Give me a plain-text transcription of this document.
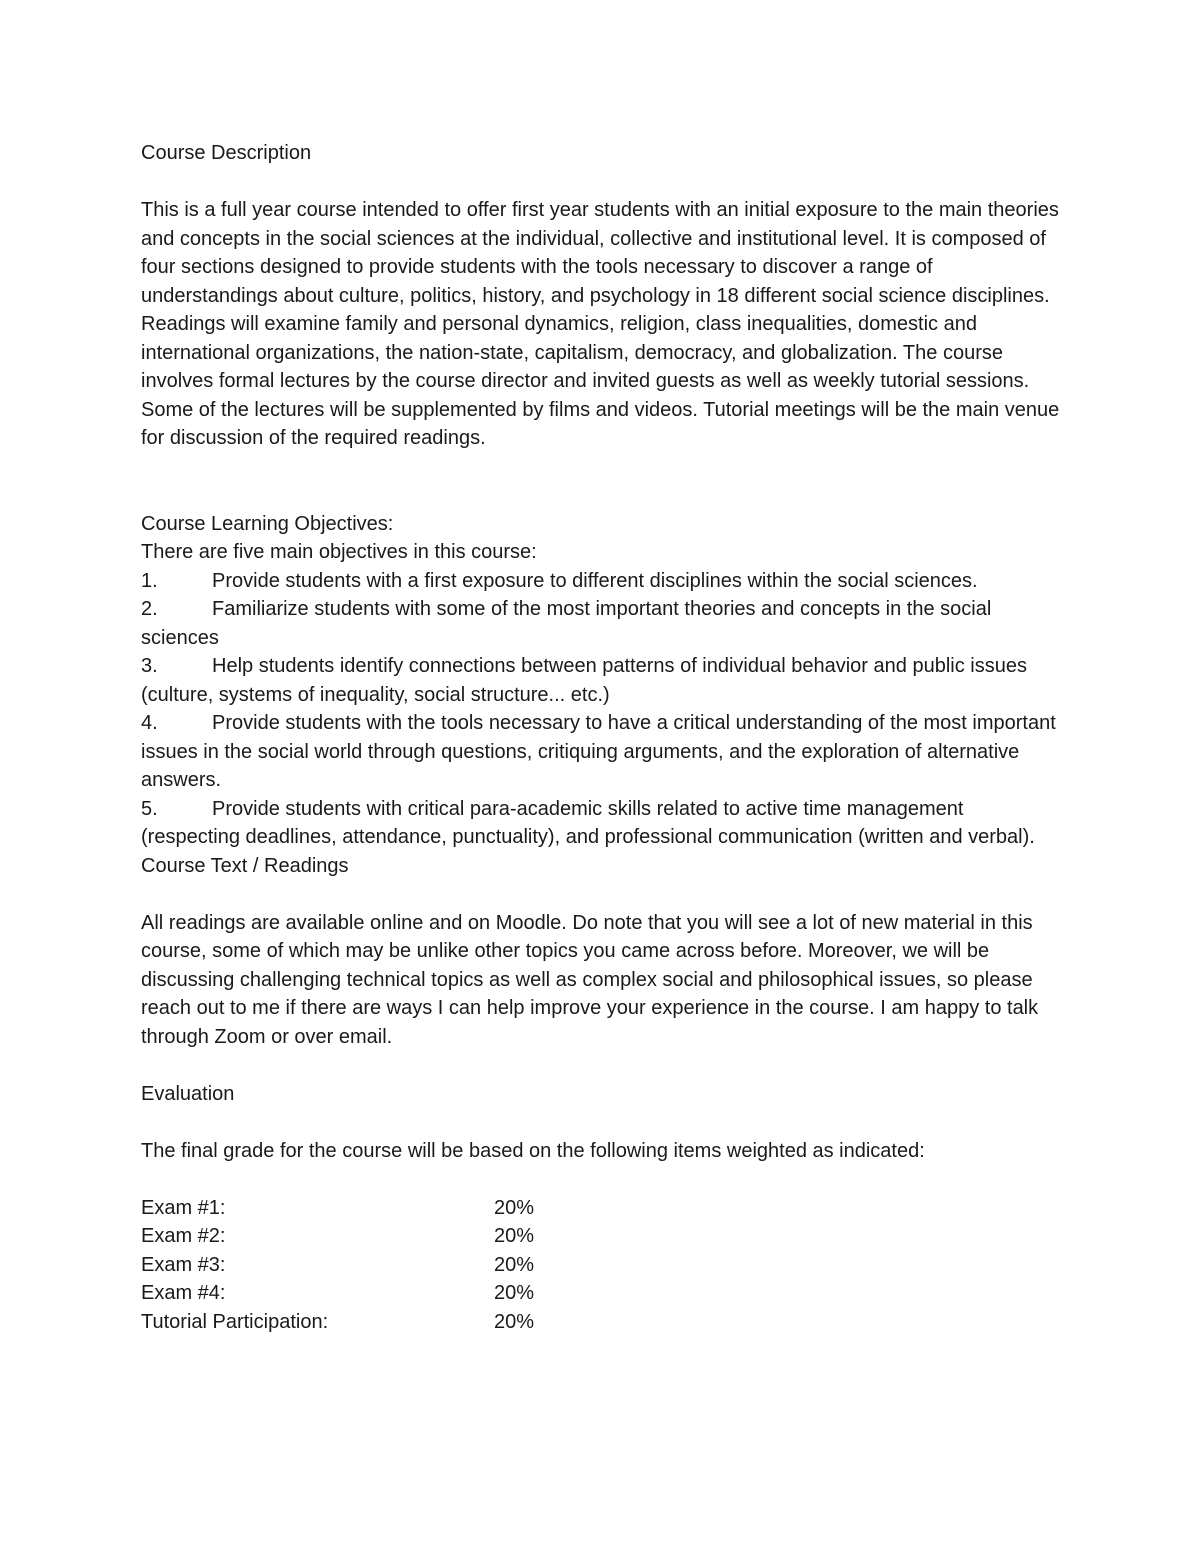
Course Description

This is a full year course intended to offer first year students with an initial exposure to the main theories and concepts in the social sciences at the individual, collective and institutional level. It is composed of four sections designed to provide students with the tools necessary to discover a range of understandings about culture, politics, history, and psychology in 18 different social science disciplines.  Readings will examine family and personal dynamics, religion, class inequalities, domestic and international organizations, the nation-state, capitalism, democracy, and globalization. The course involves formal lectures by the course director and invited guests as well as weekly tutorial sessions.  Some of the lectures will be supplemented by films and videos. Tutorial meetings will be the main venue for discussion of the required readings.

Course Learning Objectives:

There are five main objectives in this course:

1.	Provide students with a first exposure to different disciplines within the social sciences.

2.	Familiarize students with some of the most important theories and concepts in the social sciences

3.	Help students identify connections between patterns of individual behavior and public issues (culture, systems of inequality, social structure... etc.)

4.	Provide students with the tools necessary to have a critical understanding of the most important issues in the social world through questions, critiquing arguments, and the exploration of alternative answers.

5.	Provide students with critical para-academic skills related to active time management (respecting deadlines, attendance, punctuality), and professional communication (written and verbal).

Course Text / Readings

All readings are available online and on Moodle. Do note that you will see a lot of new material in this course, some of which may be unlike other topics you came across before. Moreover, we will be discussing challenging technical topics as well as complex social and philosophical issues, so please reach out to me if there are ways I can help improve your experience in the course. I am happy to talk through Zoom or over email.

Evaluation

The final grade for the course will be based on the following items weighted as indicated:

Exam #1:	20%
Exam #2:	20%
Exam #3:	20%
Exam #4:	20%
Tutorial Participation:	20%
